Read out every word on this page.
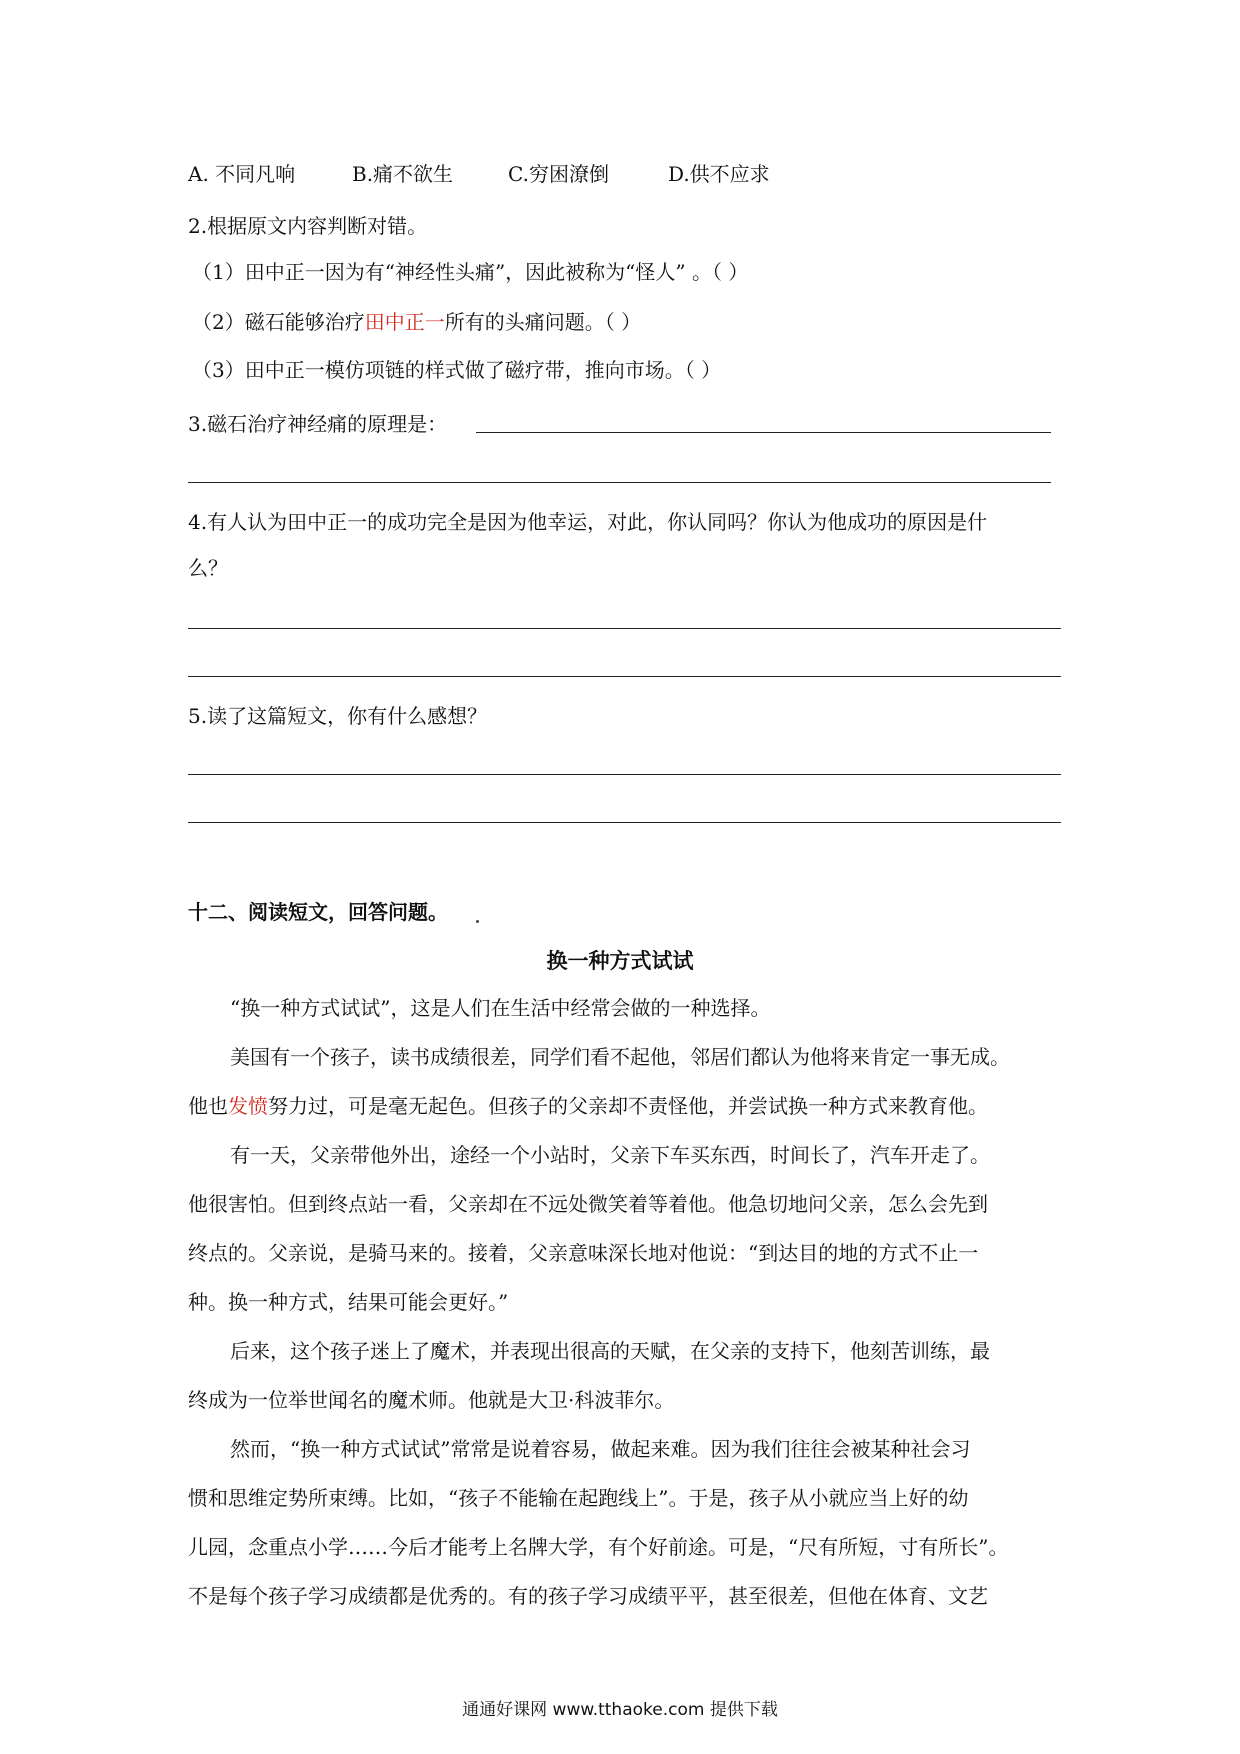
A. 不同凡响	B.痛不欲生	C.穷困潦倒	D.供不应求
2.根据原文内容判断对错。
（1）田中正一因为有“神经性头痛”，因此被称为“怪人” 。（ ）
（2）磁石能够治疗田中正一所有的头痛问题。（ ）
（3）田中正一模仿项链的样式做了磁疗带，推向市场。（ ）
3.磁石治疗神经痛的原理是：
4.有人认为田中正一的成功完全是因为他幸运，对此，你认同吗？你认为他成功的原因是什
么？
5.读了这篇短文，你有什么感想？
十二、阅读短文，回答问题。
换一种方式试试
“换一种方式试试”，这是人们在生活中经常会做的一种选择。
美国有一个孩子，读书成绩很差，同学们看不起他，邻居们都认为他将来肯定一事无成。
他也发愤努力过，可是毫无起色。但孩子的父亲却不责怪他，并尝试换一种方式来教育他。
有一天，父亲带他外出，途经一个小站时，父亲下车买东西，时间长了，汽车开走了。
他很害怕。但到终点站一看，父亲却在不远处微笑着等着他。他急切地问父亲，怎么会先到
终点的。父亲说，是骑马来的。接着，父亲意味深长地对他说：“到达目的地的方式不止一
种。换一种方式，结果可能会更好。”
后来，这个孩子迷上了魔术，并表现出很高的天赋，在父亲的支持下，他刻苦训练，最
终成为一位举世闻名的魔术师。他就是大卫·科波菲尔。
然而，“换一种方式试试”常常是说着容易，做起来难。因为我们往往会被某种社会习
惯和思维定势所束缚。比如，“孩子不能输在起跑线上”。于是，孩子从小就应当上好的幼
儿园，念重点小学……今后才能考上名牌大学，有个好前途。可是，“尺有所短，寸有所长”。
不是每个孩子学习成绩都是优秀的。有的孩子学习成绩平平，甚至很差，但他在体育、文艺
通通好课网 www.tthaoke.com 提供下载
